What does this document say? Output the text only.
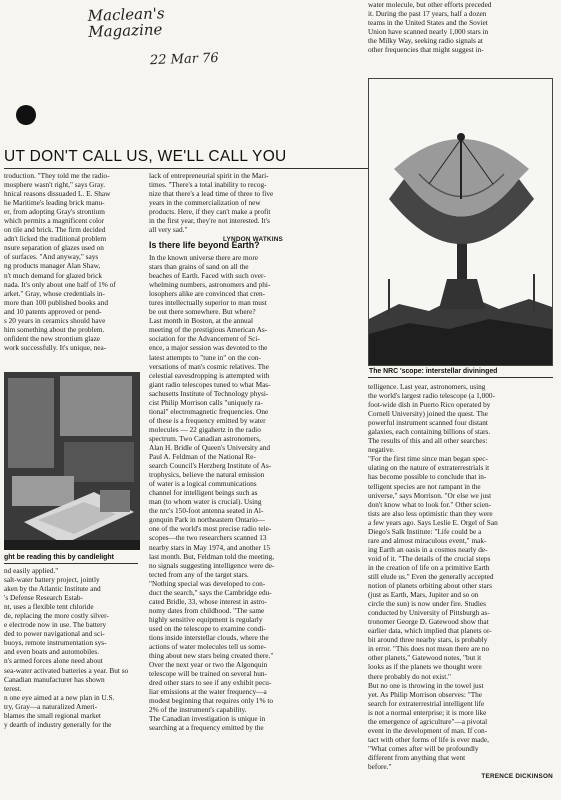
Maclean's Magazine
22 Mar 76
UT DON'T CALL US, WE'LL CALL YOU
troduction. "They told me the radio-
mosphere wasn't right," says Gray.
hnical reasons dissuaded L. E. Shaw
he Maritime's leading brick manu-
er, from adopting Gray's strontium
which permits a magnificent color
on tile and brick. The firm decided
adn't licked the traditional problem
nsure separation of glazes used on
of surfaces. "And anyway," says
ng products manager Alan Shaw,
n't much demand for glazed brick
nada. It's only about one half of 1% of
arket." Gray, whose credentials in-
more than 100 published books and
and 10 patents approved or pend-
s 20 years in ceramics should have
him something about the problem.
onfident the new strontium glaze
work successfully. It's unique, nea-
ght be reading this by candlelight
nd easily applied."
salt-water battery project, jointly
aken by the Atlantic Institute and
's Defense Research Estab-
nt, uses a flexible tent chloride
de, replacing the more costly silver-
e electrode now in use. The battery
ded to power navigational and sci-
buoys, remote instrumentation sys-
and even boats and automobiles.
n's armed forces alone need about
sea-water activated batteries a year. But so
Canadian manufacturer has shown
terest.
n one eye aimed at a new plan in U.S.
try, Gray—a naturalized Ameri-
blames the small regional market
y dearth of industry generally for the
lack of entrepreneurial spirit in the Mari-
times. "There's a total inability to recog-
nize that there's a lead time of three to five
years in the commercialization of new
products. Here, if they can't make a profit
in the first year, they're not interested. It's
all very sad."
LYNDON WATKINS
Is there life beyond Earth?
In the known universe there are more
stars than grains of sand on all the
beaches of Earth. Faced with such over-
whelming numbers, astronomers and phi-
losophers alike are convinced that cren-
tures intellectually superior to man must
be out there somewhere. But where?
Last month in Boston, at the annual
meeting of the prestigious American As-
sociation for the Advancement of Sci-
ence, a major session was devoted to the
latest attempts to "tune in" on the con-
versations of man's cosmic relatives. The
celestial eavesdropping is attempted with
giant radio telescopes tuned to what Mas-
sachusetts Institute of Technology physi-
cist Philip Morrison calls "uniquely ra-
tional" electromagnetic frequencies. One
of these is a frequency emitted by water
molecules — 22 gigahertz in the radio
spectrum. Two Canadian astronomers,
Alan H. Bridle of Queen's University and
Paul A. Feldman of the National Re-
search Council's Herzberg Institute of As-
trophysics, believe the natural emission
of water is a logical communications
channel for intelligent beings such as
man (to whom water is crucial). Using
the nrc's 150-foot antenna seated in Al-
gonquin Park in northeastern Ontario—
one of the world's most precise radio tele-
scopes—the two researchers scanned 13
nearby stars in May 1974, and another 15
last month. But, Feldman told the meeting,
no signals suggesting intelligence were de-
tected from any of the target stars.
"Nothing special was developed to con-
duct the search," says the Cambridge edu-
cated Bridle, 33, whose interest in astro-
nomy dates from childhood. "The same
highly sensitive equipment is regularly
used on the telescope to examine condi-
tions inside interstellar clouds, where the
actions of water molecules tell us some-
thing about new stars being created there."
Over the next year or two the Algonquin
telescope will be trained on several hun-
dred other stars to see if any exhibit pecu-
liar emissions at the water frequency—a
modest beginning that requires only 1% to
2% of the instrument's capability.
The Canadian investigation is unique in
searching at a frequency emitted by the
water molecule, but other efforts preceded
it. During the past 17 years, half a dozen
teams in the United States and the Soviet
Union have scanned nearly 1,000 stars in
the Milky Way, seeking radio signals at
other frequencies that might suggest in-
The NRC 'scope: interstellar divininged
telligence. Last year, astronomers, using
the world's largest radio telescope (a 1,000-
foot-wide dish in Puerto Rico operated by
Cornell University) joined the quest. The
powerful instrument scanned four distant
galaxies, each containing billions of stars.
The results of this and all other searches:
negative.
"For the first time since man began spec-
ulating on the nature of extraterrestrials it
has become possible to conclude that in-
telligent species are not rampant in the
universe," says Morrison. "Or else we just
don't know what to look for." Other scien-
tists are also less optimistic than they were
a few years ago. Says Leslie E. Orgel of San
Diego's Salk Institute: "Life could be a
rare and almost miraculous event," mak-
ing Earth an oasis in a cosmos nearly de-
void of it. "The details of the crucial steps
in the creation of life on a primitive Earth
still elude us." Even the generally accepted
notion of planets orbiting about other stars
(just as Earth, Mars, Jupiter and so on
circle the sun) is now under fire. Studies
conducted by University of Pittsburgh as-
tronomer George D. Gatewood show that
earlier data, which implied that planets or-
bit around three nearby stars, is probably
in error. "This does not mean there are no
other planets," Gatewood notes, "but it
looks as if the planets we thought were
there probably do not exist."
But no one is throwing in the towel just
yet. As Philip Morrison observes: "The
search for extraterrestrial intelligent life
is not a normal enterprise; it is more like
the emergence of agriculture"—a pivotal
event in the development of man. If con-
tact with other forms of life is ever made,
"What comes after will be profoundly
different from anything that went
before."
TERENCE DICKINSON
